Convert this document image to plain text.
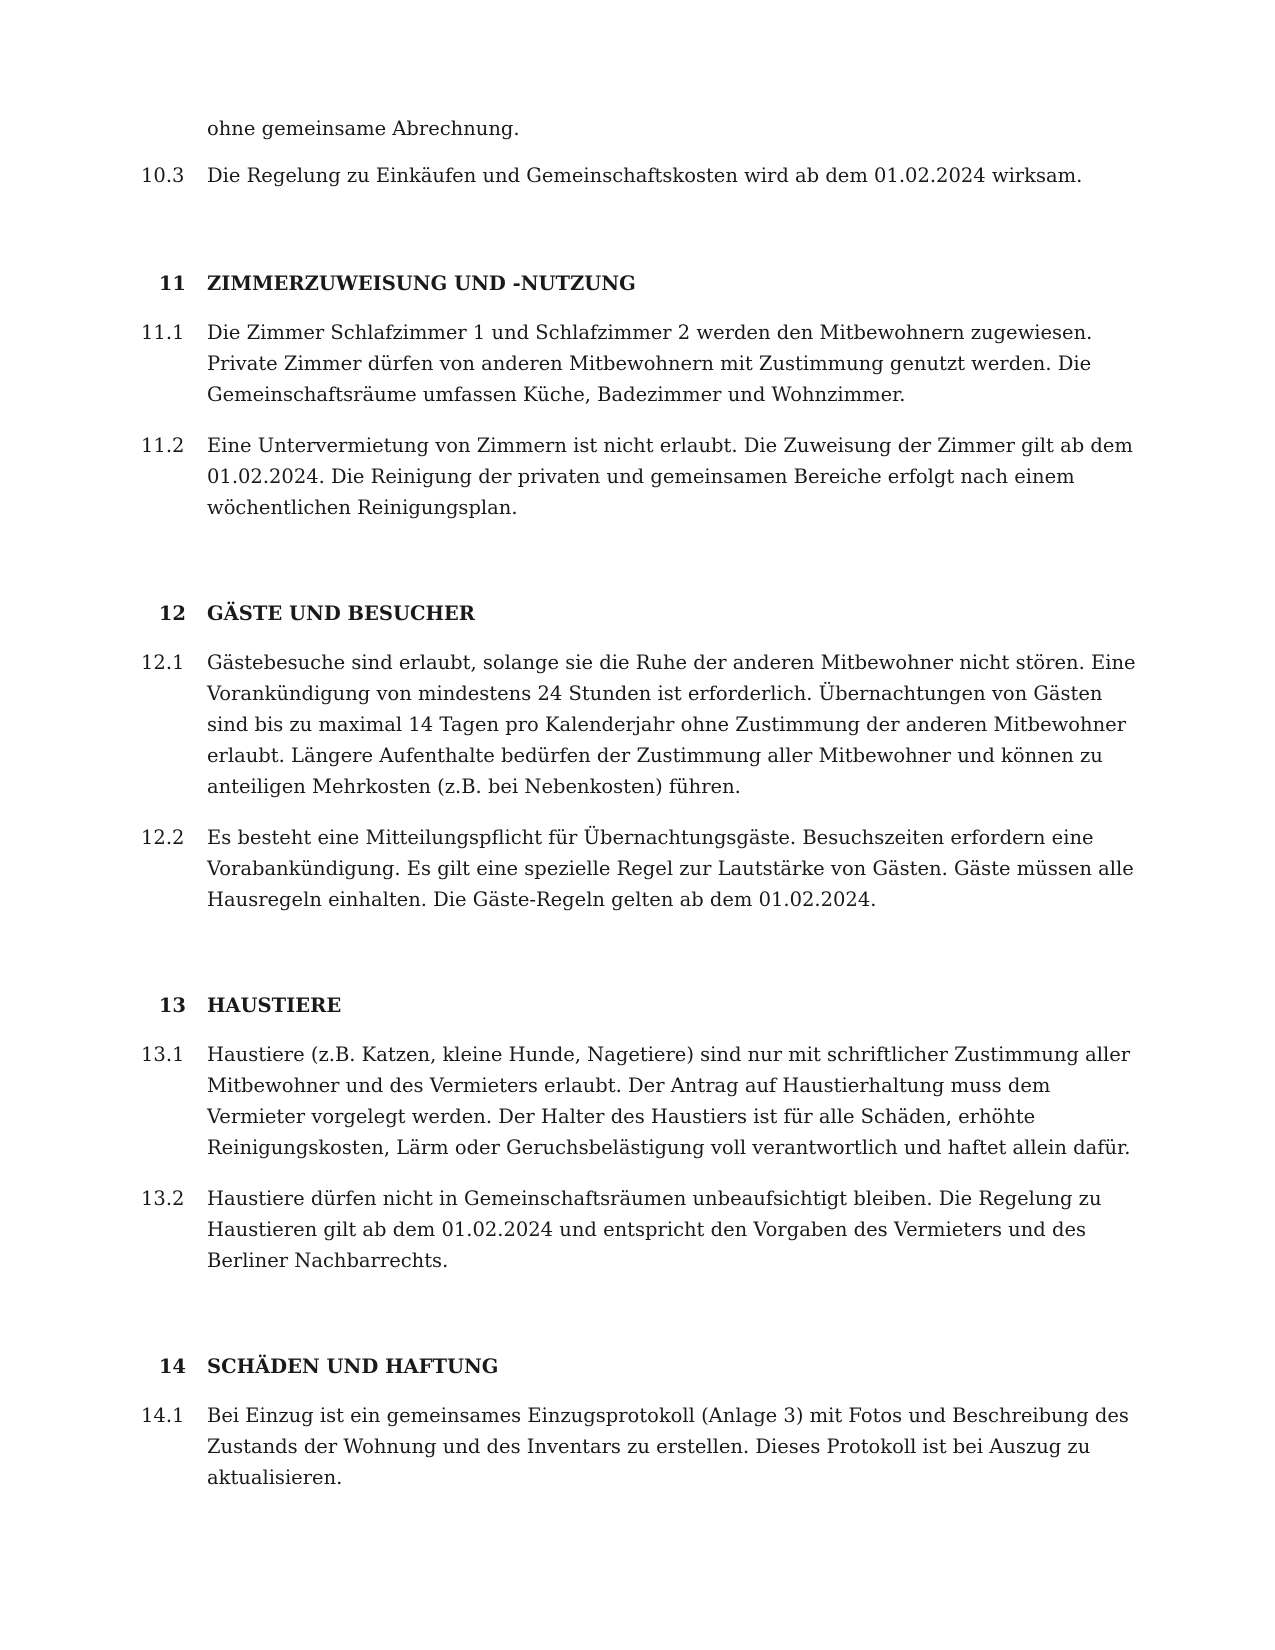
ohne gemeinsame Abrechnung.
10.3 Die Regelung zu Einkäufen und Gemeinschaftskosten wird ab dem 01.02.2024 wirksam.
11 ZIMMERZUWEISUNG UND -NUTZUNG
11.1 Die Zimmer Schlafzimmer 1 und Schlafzimmer 2 werden den Mitbewohnern zugewiesen.
Private Zimmer dürfen von anderen Mitbewohnern mit Zustimmung genutzt werden. Die
Gemeinschaftsräume umfassen Küche, Badezimmer und Wohnzimmer.
11.2 Eine Untervermietung von Zimmern ist nicht erlaubt. Die Zuweisung der Zimmer gilt ab dem
01.02.2024. Die Reinigung der privaten und gemeinsamen Bereiche erfolgt nach einem
wöchentlichen Reinigungsplan.
12 GÄSTE UND BESUCHER
12.1 Gästebesuche sind erlaubt, solange sie die Ruhe der anderen Mitbewohner nicht stören. Eine
Vorankündigung von mindestens 24 Stunden ist erforderlich. Übernachtungen von Gästen
sind bis zu maximal 14 Tagen pro Kalenderjahr ohne Zustimmung der anderen Mitbewohner
erlaubt. Längere Aufenthalte bedürfen der Zustimmung aller Mitbewohner und können zu
anteiligen Mehrkosten (z.B. bei Nebenkosten) führen.
12.2 Es besteht eine Mitteilungspflicht für Übernachtungsgäste. Besuchszeiten erfordern eine
Vorabankündigung. Es gilt eine spezielle Regel zur Lautstärke von Gästen. Gäste müssen alle
Hausregeln einhalten. Die Gäste-Regeln gelten ab dem 01.02.2024.
13 HAUSTIERE
13.1 Haustiere (z.B. Katzen, kleine Hunde, Nagetiere) sind nur mit schriftlicher Zustimmung aller
Mitbewohner und des Vermieters erlaubt. Der Antrag auf Haustierhaltung muss dem
Vermieter vorgelegt werden. Der Halter des Haustiers ist für alle Schäden, erhöhte
Reinigungskosten, Lärm oder Geruchsbelästigung voll verantwortlich und haftet allein dafür.
13.2 Haustiere dürfen nicht in Gemeinschaftsräumen unbeaufsichtigt bleiben. Die Regelung zu
Haustieren gilt ab dem 01.02.2024 und entspricht den Vorgaben des Vermieters und des
Berliner Nachbarrechts.
14 SCHÄDEN UND HAFTUNG
14.1 Bei Einzug ist ein gemeinsames Einzugsprotokoll (Anlage 3) mit Fotos und Beschreibung des
Zustands der Wohnung und des Inventars zu erstellen. Dieses Protokoll ist bei Auszug zu
aktualisieren.
